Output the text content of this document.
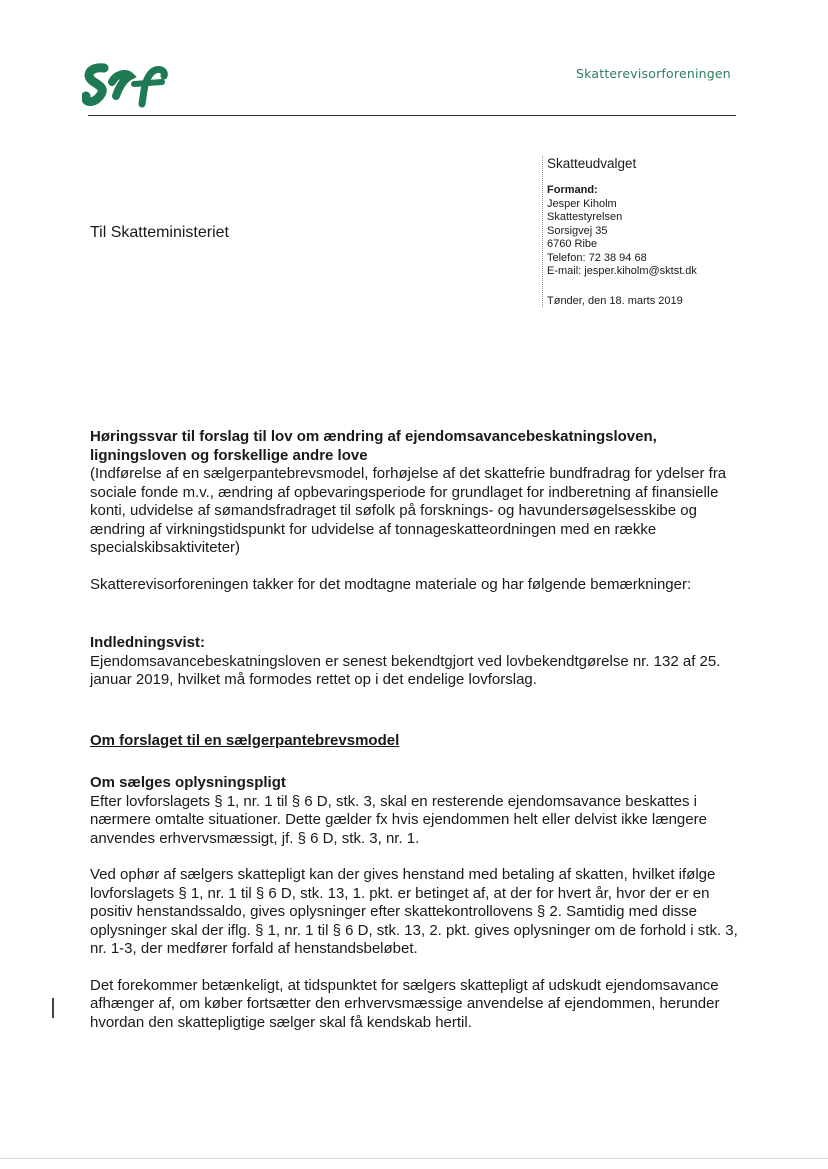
Skatterevisorforeningen
Skatteudvalget
Formand:
Jesper Kiholm
Skattestyrelsen
Sorsigvej 35
6760 Ribe
Telefon: 72 38 94 68
E-mail: jesper.kiholm@sktst.dk
Tønder, den 18. marts 2019
Til Skatteministeriet
Høringssvar til forslag til lov om ændring af ejendomsavancebeskatningsloven, ligningsloven og forskellige andre love
(Indførelse af en sælgerpantebrevsmodel, forhøjelse af det skattefrie bundfradrag for ydelser fra sociale fonde m.v., ændring af opbevaringsperiode for grundlaget for indberetning af finansielle konti, udvidelse af sømandsfradraget til søfolk på forsknings- og havundersøgelsesskibe og ændring af virkningstidspunkt for udvidelse af tonnageskatteordningen med en række specialskibsaktiviteter)
Skatterevisorforeningen takker for det modtagne materiale og har følgende bemærkninger:
Indledningsvist:
Ejendomsavancebeskatningsloven er senest bekendtgjort ved lovbekendtgørelse nr. 132 af 25. januar 2019, hvilket må formodes rettet op i det endelige lovforslag.
Om forslaget til en sælgerpantebrevsmodel
Om sælges oplysningspligt
Efter lovforslagets § 1, nr. 1 til § 6 D, stk. 3, skal en resterende ejendomsavance beskattes i nærmere omtalte situationer. Dette gælder fx hvis ejendommen helt eller delvist ikke længere anvendes erhvervsmæssigt, jf. § 6 D, stk. 3, nr. 1.
Ved ophør af sælgers skattepligt kan der gives henstand med betaling af skatten, hvilket ifølge lovforslagets § 1, nr. 1 til § 6 D, stk. 13, 1. pkt. er betinget af, at der for hvert år, hvor der er en positiv henstandssaldo, gives oplysninger efter skattekontrollovens § 2. Samtidig med disse oplysninger skal der iflg. § 1, nr. 1 til § 6 D, stk. 13, 2. pkt. gives oplysninger om de forhold i stk. 3, nr. 1-3, der medfører forfald af henstandsbeløbet.
Det forekommer betænkeligt, at tidspunktet for sælgers skattepligt af udskudt ejendomsavance afhænger af, om køber fortsætter den erhvervsmæssige anvendelse af ejendommen, herunder hvordan den skattepligtige sælger skal få kendskab hertil.
